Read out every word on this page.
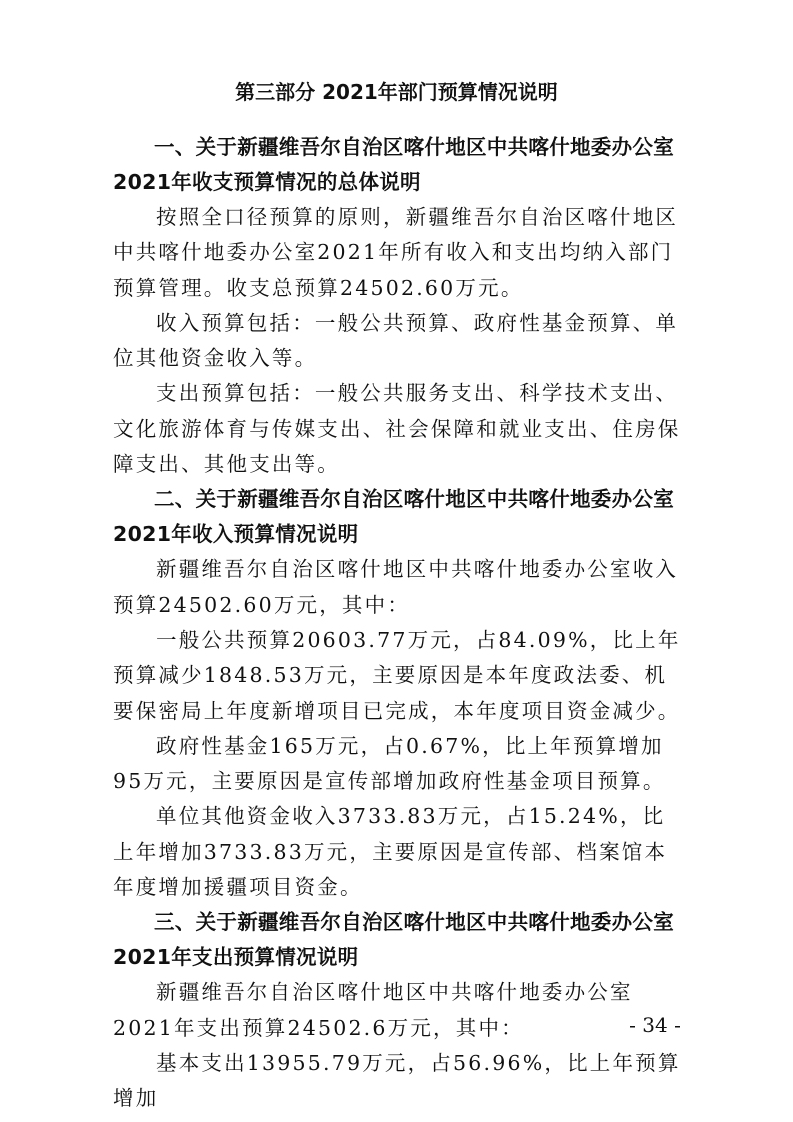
第三部分 2021年部门预算情况说明

一、关于新疆维吾尔自治区喀什地区中共喀什地委办公室2021年收支预算情况的总体说明

按照全口径预算的原则，新疆维吾尔自治区喀什地区中共喀什地委办公室2021年所有收入和支出均纳入部门预算管理。收支总预算24502.60万元。

收入预算包括：一般公共预算、政府性基金预算、单位其他资金收入等。

支出预算包括：一般公共服务支出、科学技术支出、文化旅游体育与传媒支出、社会保障和就业支出、住房保障支出、其他支出等。

二、关于新疆维吾尔自治区喀什地区中共喀什地委办公室2021年收入预算情况说明

新疆维吾尔自治区喀什地区中共喀什地委办公室收入预算24502.60万元，其中：

一般公共预算20603.77万元，占84.09%，比上年预算减少1848.53万元，主要原因是本年度政法委、机要保密局上年度新增项目已完成，本年度项目资金减少。

政府性基金165万元，占0.67%，比上年预算增加95万元，主要原因是宣传部增加政府性基金项目预算。

单位其他资金收入3733.83万元，占15.24%，比上年增加3733.83万元，主要原因是宣传部、档案馆本年度增加援疆项目资金。

三、关于新疆维吾尔自治区喀什地区中共喀什地委办公室2021年支出预算情况说明

新疆维吾尔自治区喀什地区中共喀什地委办公室2021年支出预算24502.6万元，其中：

基本支出13955.79万元，占56.96%，比上年预算增加

- 34 -
